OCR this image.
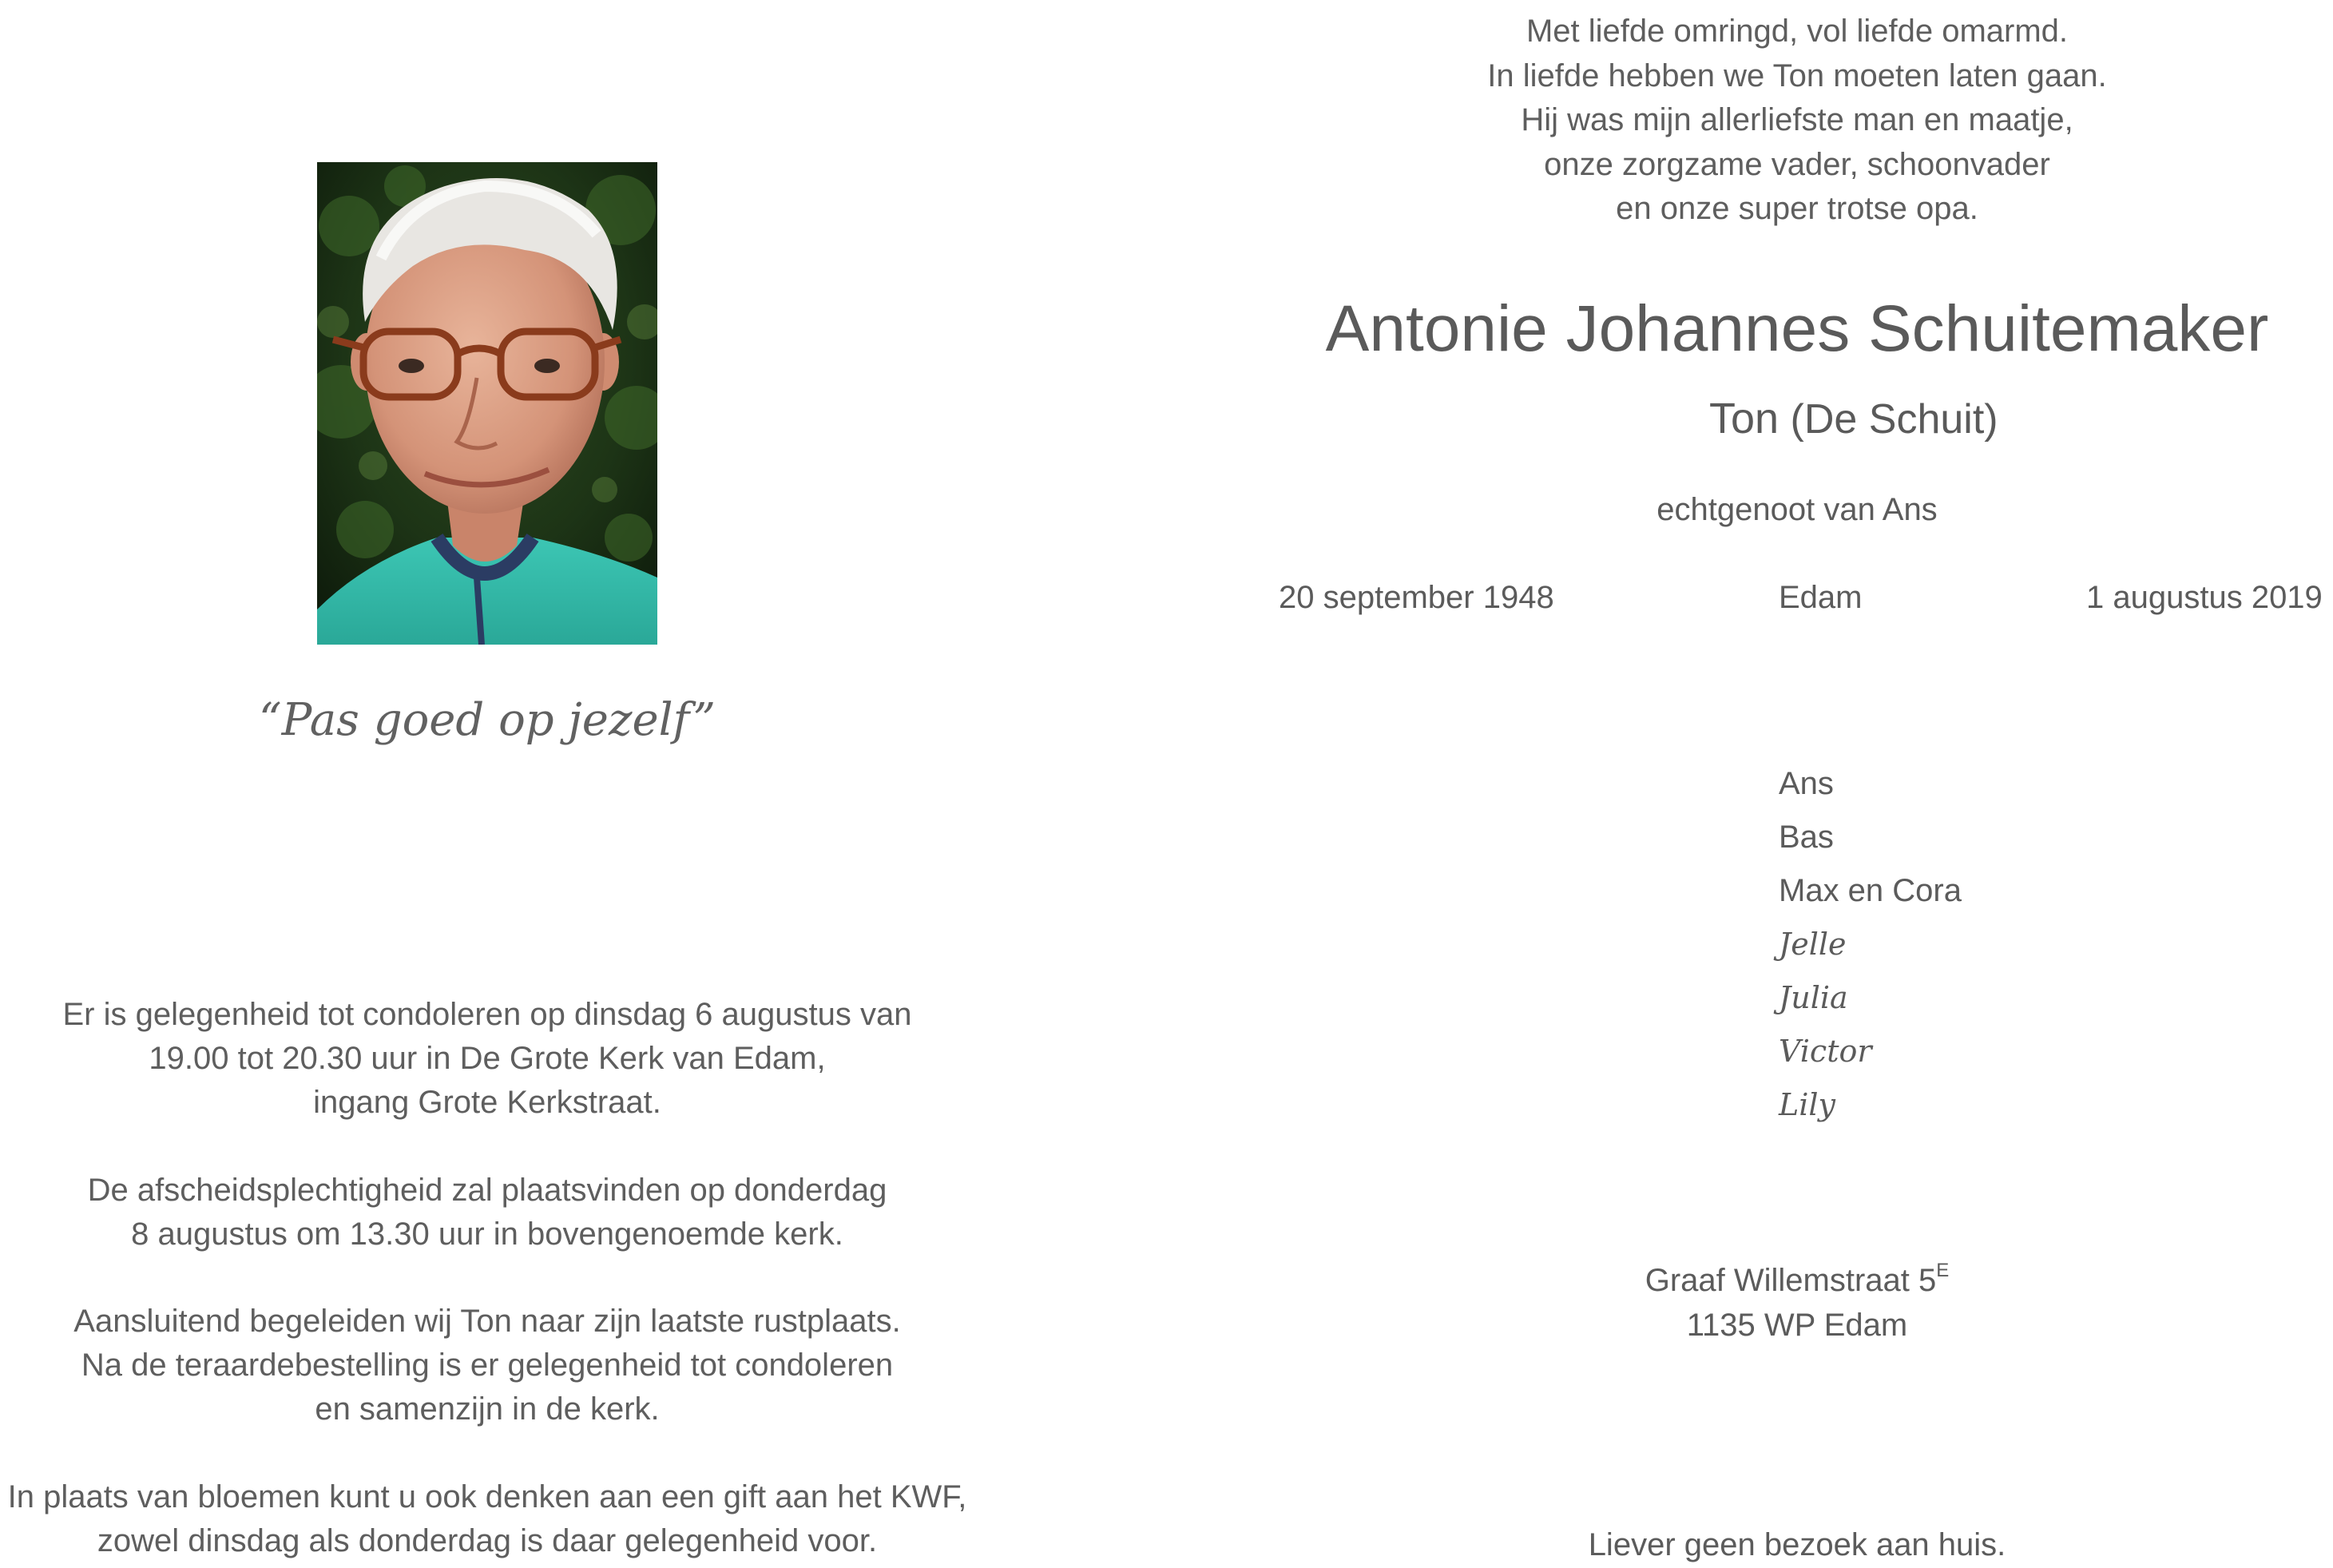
“Pas goed op jezelf”
Er is gelegenheid tot condoleren op dinsdag 6 augustus van
19.00 tot 20.30 uur in De Grote Kerk van Edam,
ingang Grote Kerkstraat.
De afscheidsplechtigheid zal plaatsvinden op donderdag
8 augustus om 13.30 uur in bovengenoemde kerk.
Aansluitend begeleiden wij Ton naar zijn laatste rustplaats.
Na de teraardebestelling is er gelegenheid tot condoleren
en samenzijn in de kerk.
In plaats van bloemen kunt u ook denken aan een gift aan het KWF,
zowel dinsdag als donderdag is daar gelegenheid voor.
Met liefde omringd, vol liefde omarmd.
In liefde hebben we Ton moeten laten gaan.
Hij was mijn allerliefste man en maatje,
onze zorgzame vader, schoonvader
en onze super trotse opa.
Antonie Johannes Schuitemaker
Ton (De Schuit)
echtgenoot van Ans
20 september 1948	Edam	1 augustus 2019
Ans
Bas
Max en Cora
Jelle
Julia
Victor
Lily
Graaf Willemstraat $5^E$
1135 WP Edam
Liever geen bezoek aan huis.
